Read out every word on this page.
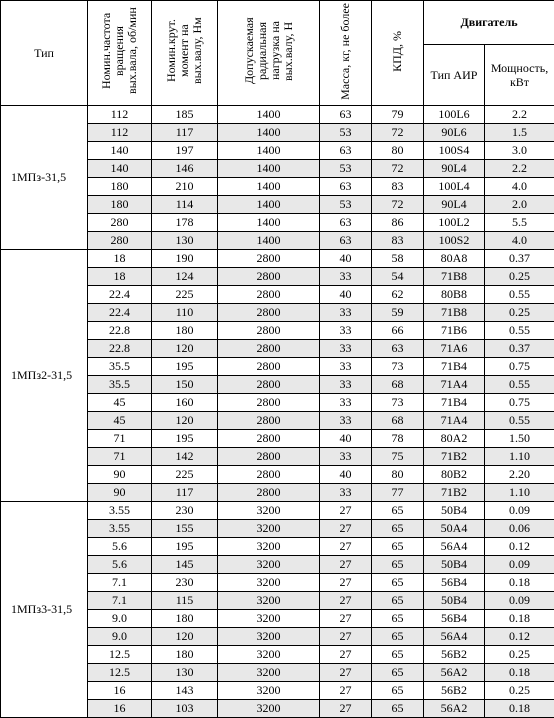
Тип	Номин.частота вращения вых.вала, об/мин	Номин.крут. момент на вых.валу, Нм	Допускаемая радиальная нагрузка на вых.валу, Н	Масса, кг, не более	КПД, %	Двигатель	
						Тип АИР	Мощность, кВт
1МПз-31,5	112	185	1400	63	79	100L6	2.2
	112	117	1400	53	72	90L6	1.5
	140	197	1400	63	80	100S4	3.0
	140	146	1400	53	72	90L4	2.2
	180	210	1400	63	83	100L4	4.0
	180	114	1400	53	72	90L4	2.0
	280	178	1400	63	86	100L2	5.5
	280	130	1400	63	83	100S2	4.0
1МПз2-31,5	18	190	2800	40	58	80А8	0.37
	18	124	2800	33	54	71В8	0.25
	22.4	225	2800	40	62	80В8	0.55
	22.4	110	2800	33	59	71В8	0.25
	22.8	180	2800	33	66	71В6	0.55
	22.8	120	2800	33	63	71А6	0.37
	35.5	195	2800	33	73	71В4	0.75
	35.5	150	2800	33	68	71А4	0.55
	45	160	2800	33	73	71В4	0.75
	45	120	2800	33	68	71А4	0.55
	71	195	2800	40	78	80А2	1.50
	71	142	2800	33	75	71В2	1.10
	90	225	2800	40	80	80В2	2.20
	90	117	2800	33	77	71В2	1.10
1МПз3-31,5	3.55	230	3200	27	65	50В4	0.09
	3.55	155	3200	27	65	50А4	0.06
	5.6	195	3200	27	65	56А4	0.12
	5.6	145	3200	27	65	50В4	0.09
	7.1	230	3200	27	65	56В4	0.18
	7.1	115	3200	27	65	50В4	0.09
	9.0	180	3200	27	65	56В4	0.18
	9.0	120	3200	27	65	56А4	0.12
	12.5	180	3200	27	65	56В2	0.25
	12.5	130	3200	27	65	56А2	0.18
	16	143	3200	27	65	56В2	0.25
	16	103	3200	27	65	56А2	0.18
